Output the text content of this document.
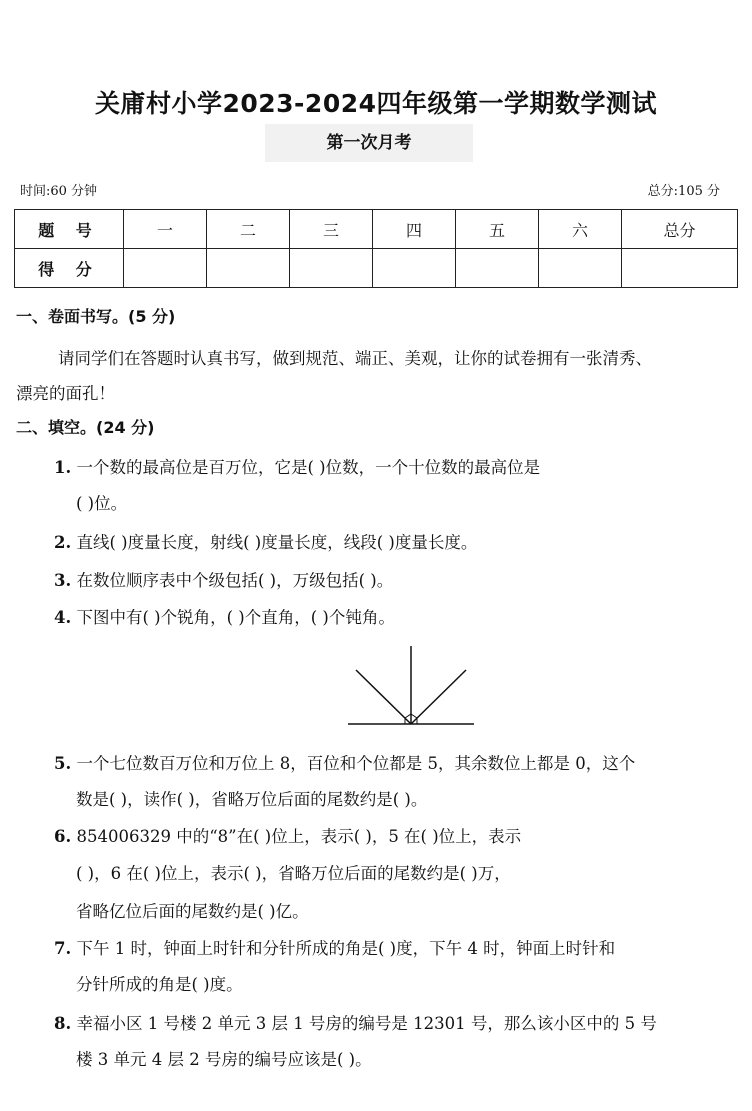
关庯村小学2023-2024四年级第一学期数学测试
第一次月考
时间:60 分钟	总分:105 分
题 号	一	二	三	四	五	六	总分
得 分							
一、卷面书写。(5 分)
请同学们在答题时认真书写，做到规范、端正、美观，让你的试卷拥有一张清秀、
漂亮的面孔！
二、填空。(24 分)
1. 一个数的最高位是百万位，它是( )位数，一个十位数的最高位是
( )位。
2. 直线( )度量长度，射线( )度量长度，线段( )度量长度。
3. 在数位顺序表中个级包括( )，万级包括( )。
4. 下图中有( )个锐角，( )个直角，( )个钝角。
5. 一个七位数百万位和万位上 8，百位和个位都是 5，其余数位上都是 0，这个
数是( )，读作( )，省略万位后面的尾数约是( )。
6. 854006329 中的“8”在( )位上，表示( )，5 在( )位上，表示
( )，6 在( )位上，表示( )，省略万位后面的尾数约是( )万，
省略亿位后面的尾数约是( )亿。
7. 下午 1 时，钟面上时针和分针所成的角是( )度，下午 4 时，钟面上时针和
分针所成的角是( )度。
8. 幸福小区 1 号楼 2 单元 3 层 1 号房的编号是 12301 号，那么该小区中的 5 号
楼 3 单元 4 层 2 号房的编号应该是( )。
